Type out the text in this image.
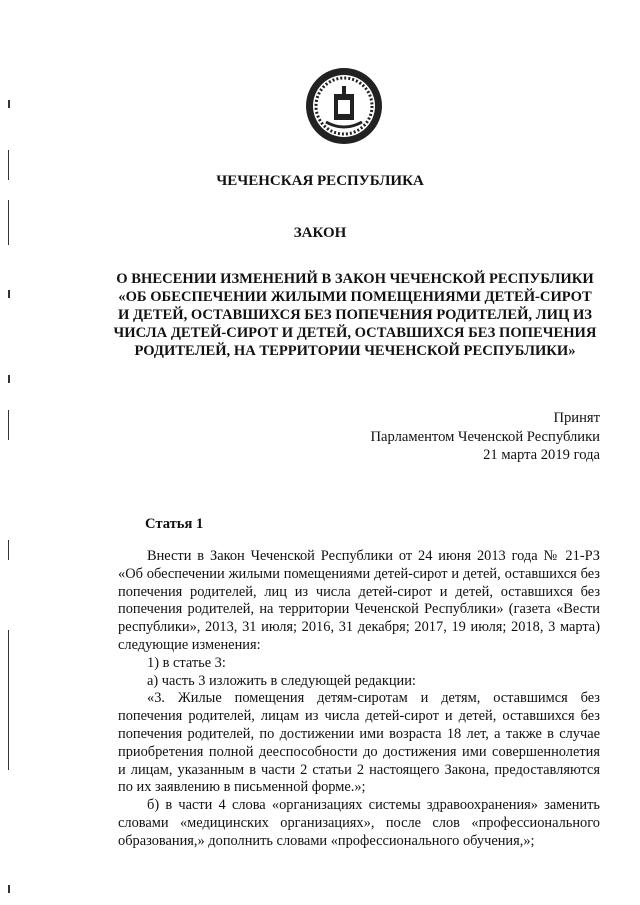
ЧЕЧЕНСКАЯ РЕСПУБЛИКА
ЗАКОН
О ВНЕСЕНИИ ИЗМЕНЕНИЙ В ЗАКОН ЧЕЧЕНСКОЙ РЕСПУБЛИКИ
«ОБ ОБЕСПЕЧЕНИИ ЖИЛЫМИ ПОМЕЩЕНИЯМИ ДЕТЕЙ-СИРОТ
И ДЕТЕЙ, ОСТАВШИХСЯ БЕЗ ПОПЕЧЕНИЯ РОДИТЕЛЕЙ, ЛИЦ ИЗ
ЧИСЛА ДЕТЕЙ-СИРОТ И ДЕТЕЙ, ОСТАВШИХСЯ БЕЗ ПОПЕЧЕНИЯ
РОДИТЕЛЕЙ, НА ТЕРРИТОРИИ ЧЕЧЕНСКОЙ РЕСПУБЛИКИ»
Принят
Парламентом Чеченской Республики
21 марта 2019 года
Статья 1
Внести в Закон Чеченской Республики от 24 июня 2013 года № 21-РЗ
«Об обеспечении жилыми помещениями детей-сирот и детей, оставшихся без
попечения родителей, лиц из числа детей-сирот и детей, оставшихся без
попечения родителей, на территории Чеченской Республики» (газета «Вести
республики», 2013, 31 июля; 2016, 31 декабря; 2017, 19 июля; 2018, 3 марта)
следующие изменения:
1) в статье 3:
а) часть 3 изложить в следующей редакции:
«3. Жилые помещения детям-сиротам и детям, оставшимся без
попечения родителей, лицам из числа детей-сирот и детей, оставшихся без
попечения родителей, по достижении ими возраста 18 лет, а также в случае
приобретения полной дееспособности до достижения ими совершеннолетия
и лицам, указанным в части 2 статьи 2 настоящего Закона, предоставляются
по их заявлению в письменной форме.»;
б) в части 4 слова «организациях системы здравоохранения» заменить
словами «медицинских организациях», после слов «профессионального
образования,» дополнить словами «профессионального обучения,»;
